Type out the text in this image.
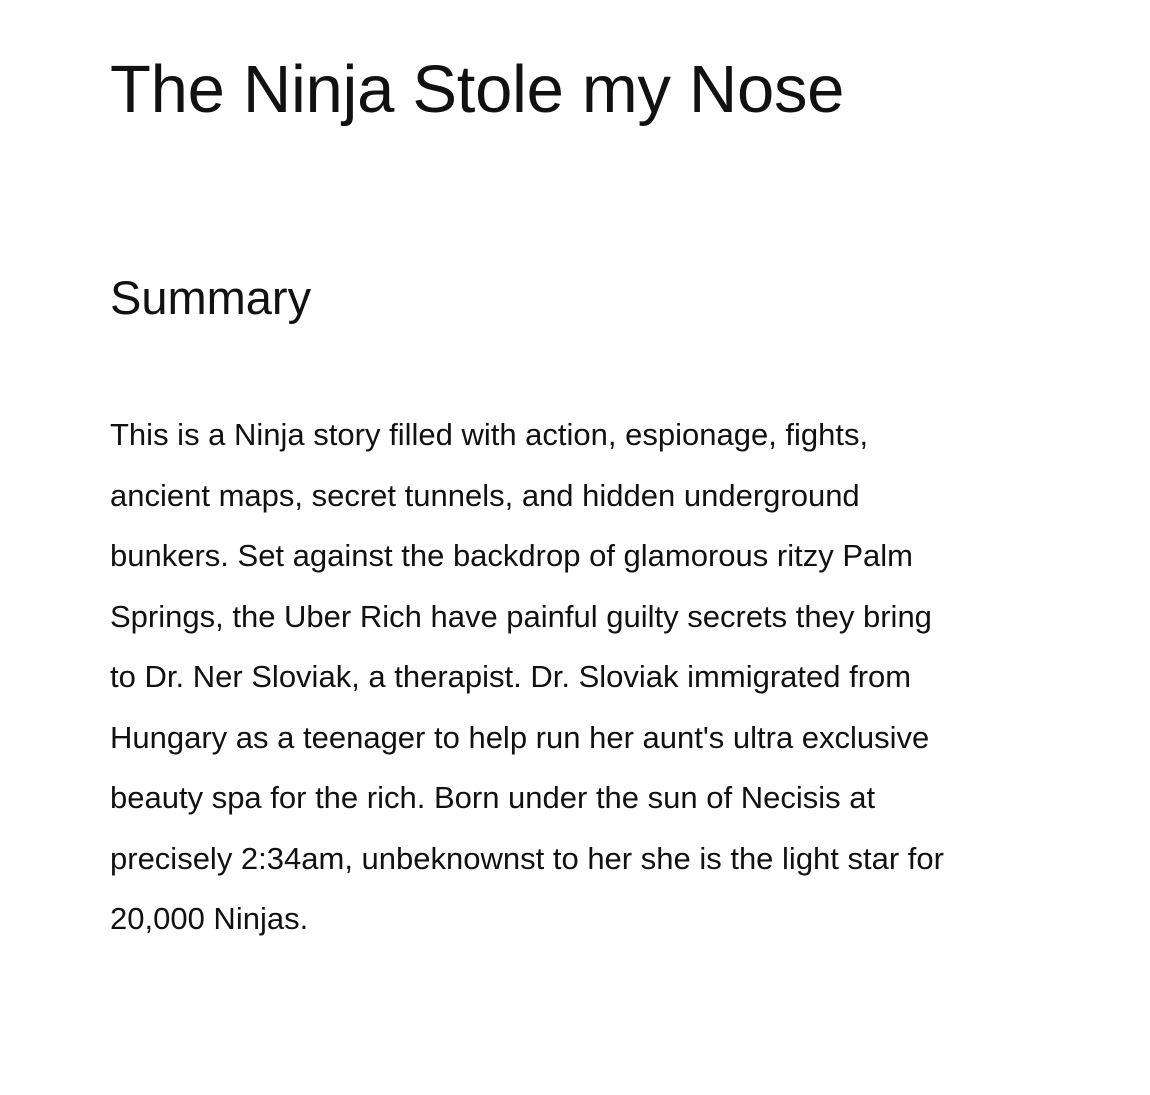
The Ninja Stole my Nose
Summary

This is a Ninja story filled with action, espionage, fights,
ancient maps, secret tunnels, and hidden underground
bunkers. Set against the backdrop of glamorous ritzy Palm
Springs, the Uber Rich have painful guilty secrets they bring
to Dr. Ner Sloviak, a therapist. Dr. Sloviak immigrated from
Hungary as a teenager to help run her aunt's ultra exclusive
beauty spa for the rich. Born under the sun of Necisis at
precisely 2:34am, unbeknownst to her she is the light star for
20,000 Ninjas.
